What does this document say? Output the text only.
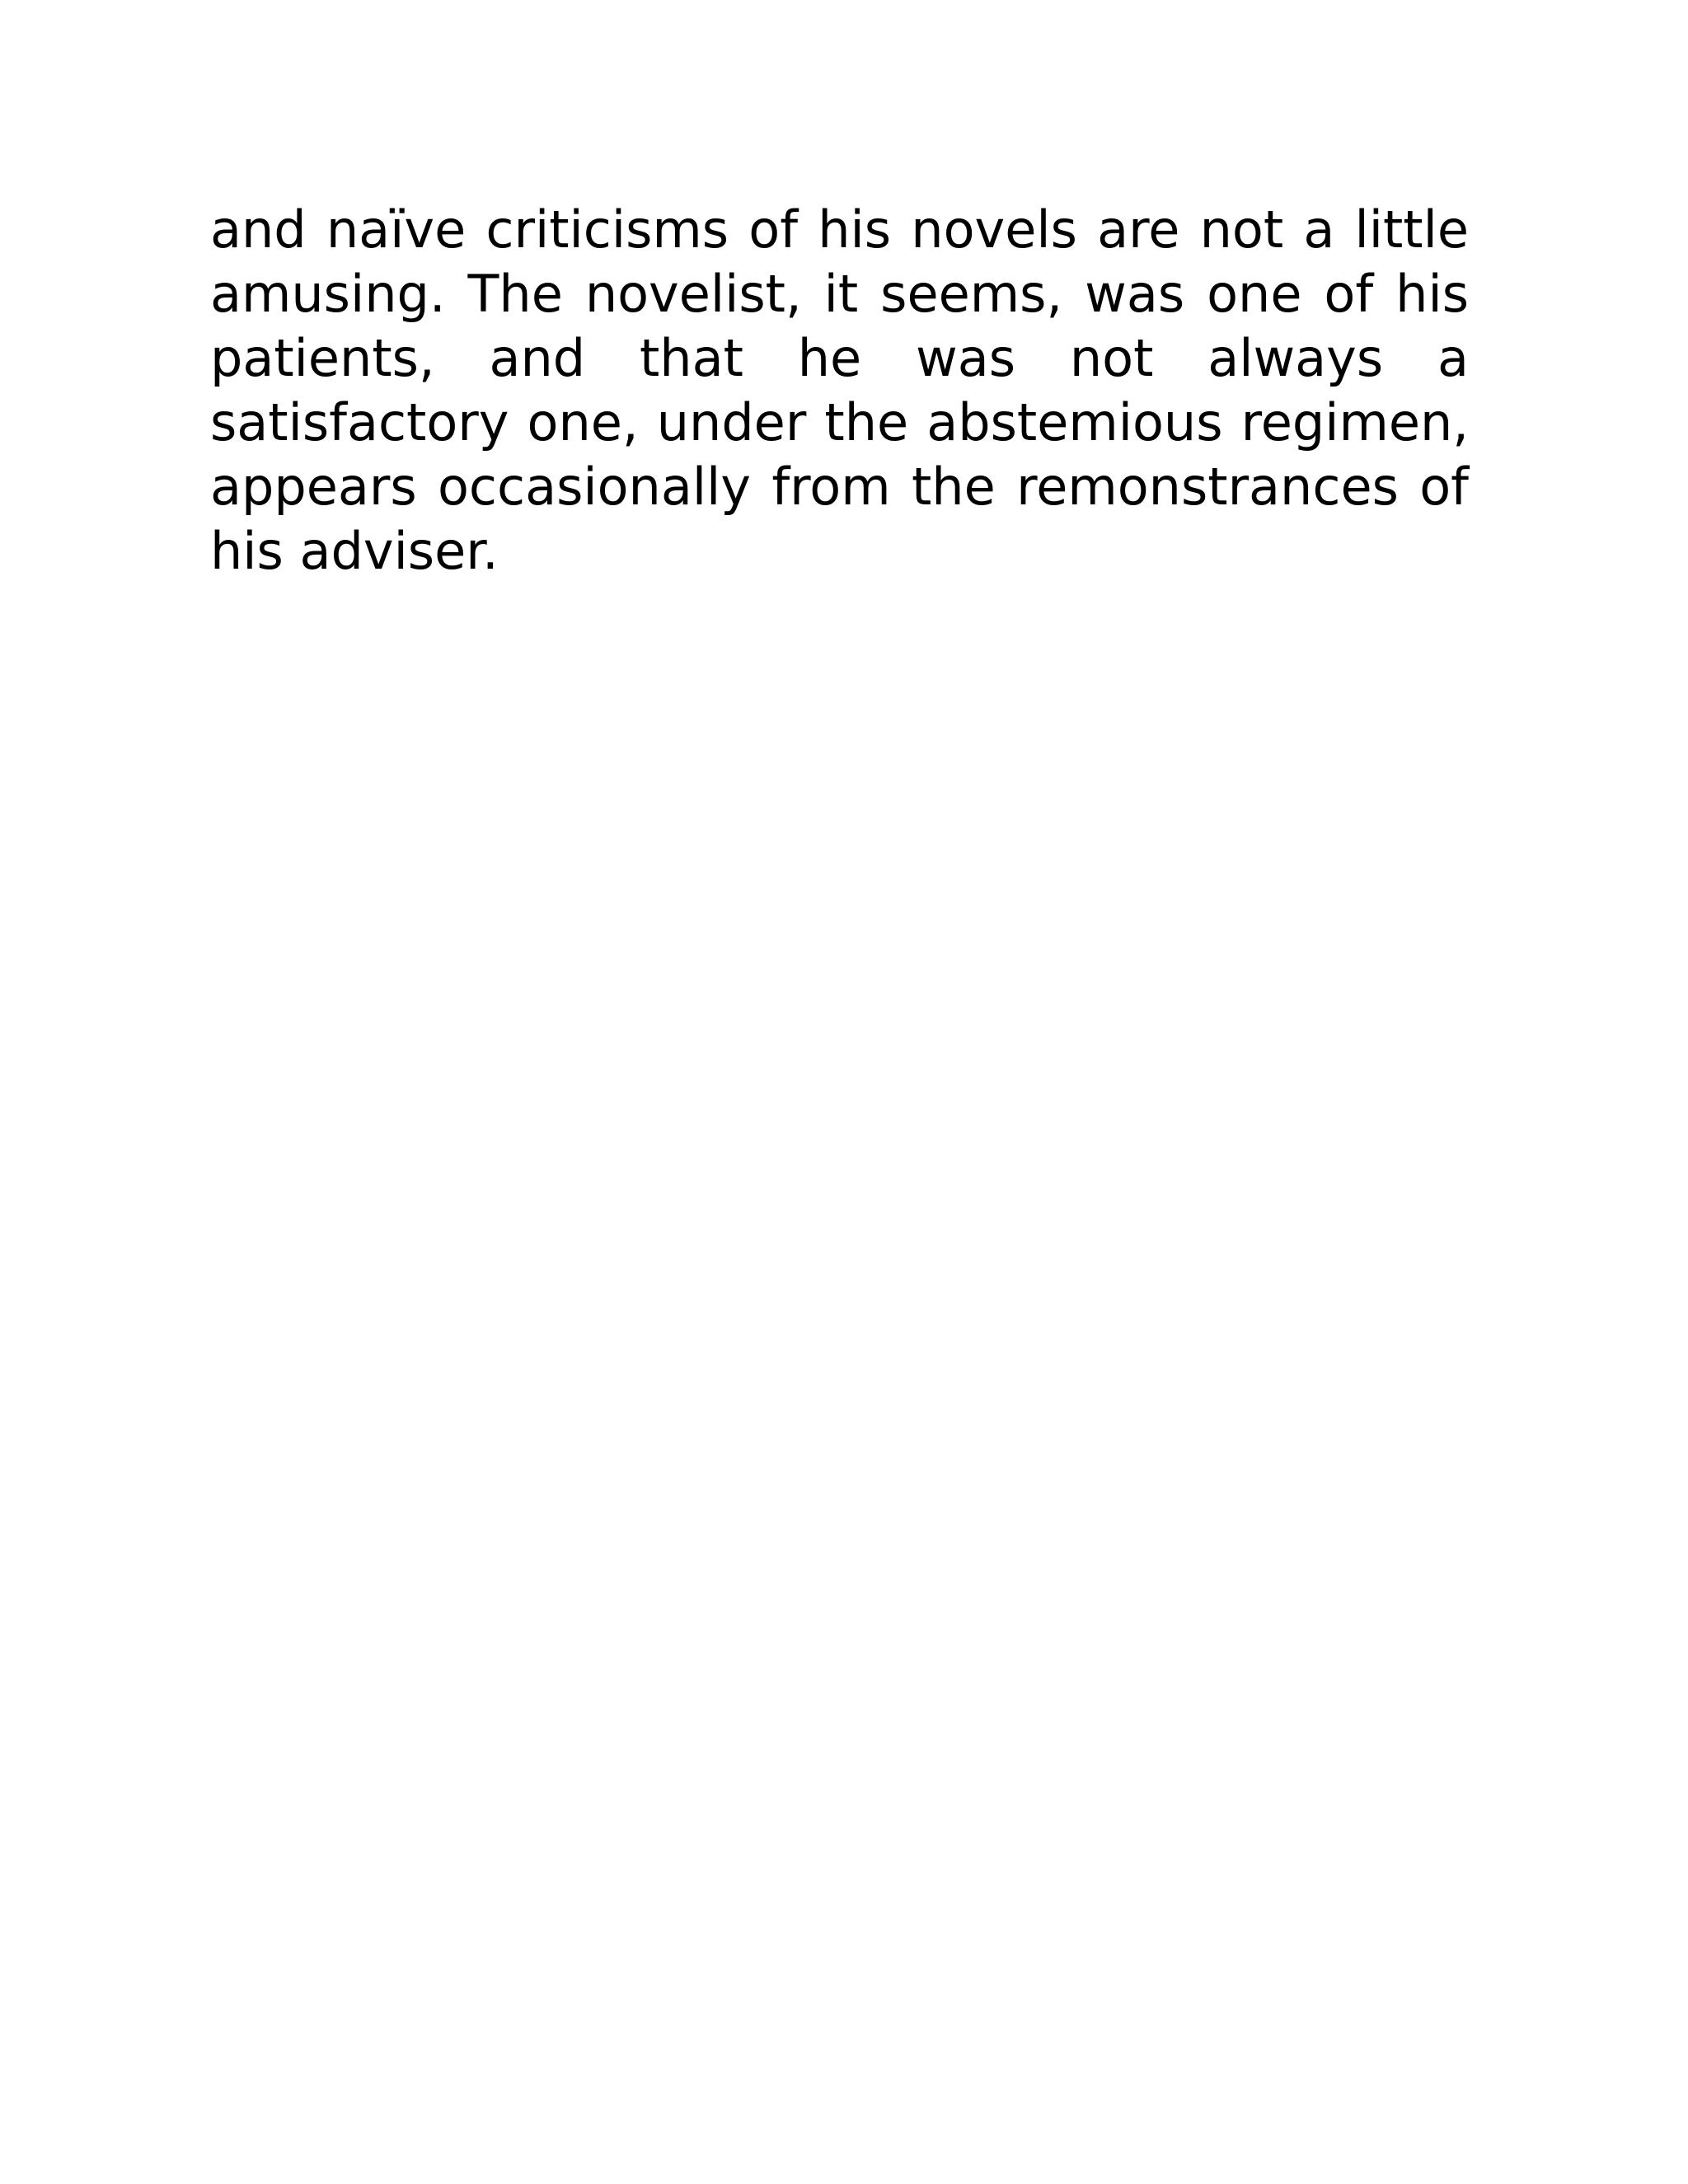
and naïve criticisms of his novels are not a little amusing. The novelist, it seems, was one of his patients, and that he was not always a satisfactory one, under the abstemious regimen, appears occasionally from the remonstrances of his adviser.
